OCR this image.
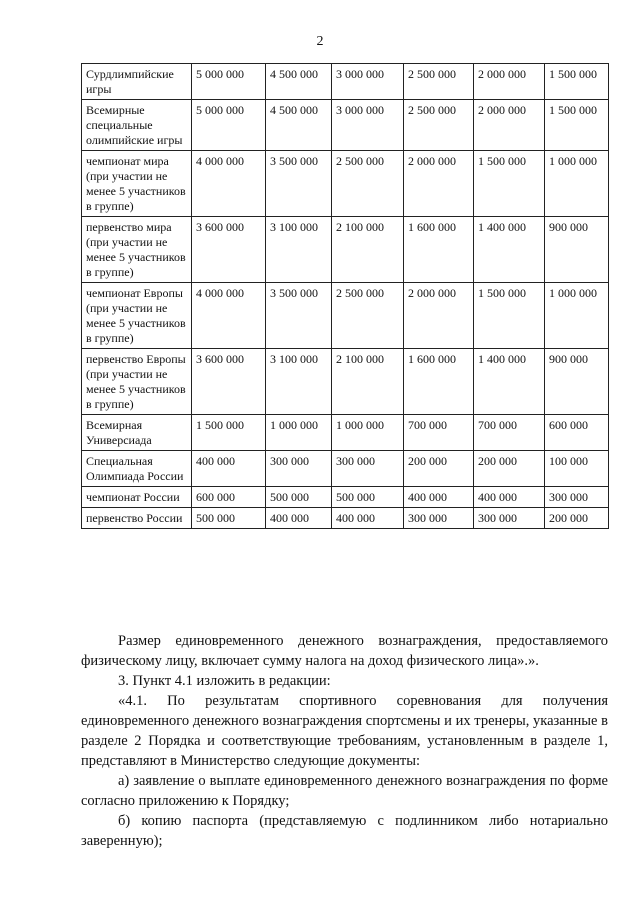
2
Сурдлимпийские игры	5 000 000	4 500 000	3 000 000	2 500 000	2 000 000	1 500 000
Всемирные специальные олимпийские игры	5 000 000	4 500 000	3 000 000	2 500 000	2 000 000	1 500 000
чемпионат мира (при участии не менее 5 участников в группе)	4 000 000	3 500 000	2 500 000	2 000 000	1 500 000	1 000 000
первенство мира (при участии не менее 5 участников в группе)	3 600 000	3 100 000	2 100 000	1 600 000	1 400 000	900 000
чемпионат Европы (при участии не менее 5 участников в группе)	4 000 000	3 500 000	2 500 000	2 000 000	1 500 000	1 000 000
первенство Европы (при участии не менее 5 участников в группе)	3 600 000	3 100 000	2 100 000	1 600 000	1 400 000	900 000
Всемирная Универсиада	1 500 000	1 000 000	1 000 000	700 000	700 000	600 000
Специальная Олимпиада России	400 000	300 000	300 000	200 000	200 000	100 000
чемпионат России	600 000	500 000	500 000	400 000	400 000	300 000
первенство России	500 000	400 000	400 000	300 000	300 000	200 000

Размер единовременного денежного вознаграждения, предоставляемого физическому лицу, включает сумму налога на доход физического лица».».

3. Пункт 4.1 изложить в редакции:

«4.1. По результатам спортивного соревнования для получения единовременного денежного вознаграждения спортсмены и их тренеры, указанные в разделе 2 Порядка и соответствующие требованиям, установленным в разделе 1, представляют в Министерство следующие документы:

а) заявление о выплате единовременного денежного вознаграждения по форме согласно приложению к Порядку;

б) копию паспорта (представляемую с подлинником либо нотариально заверенную);
